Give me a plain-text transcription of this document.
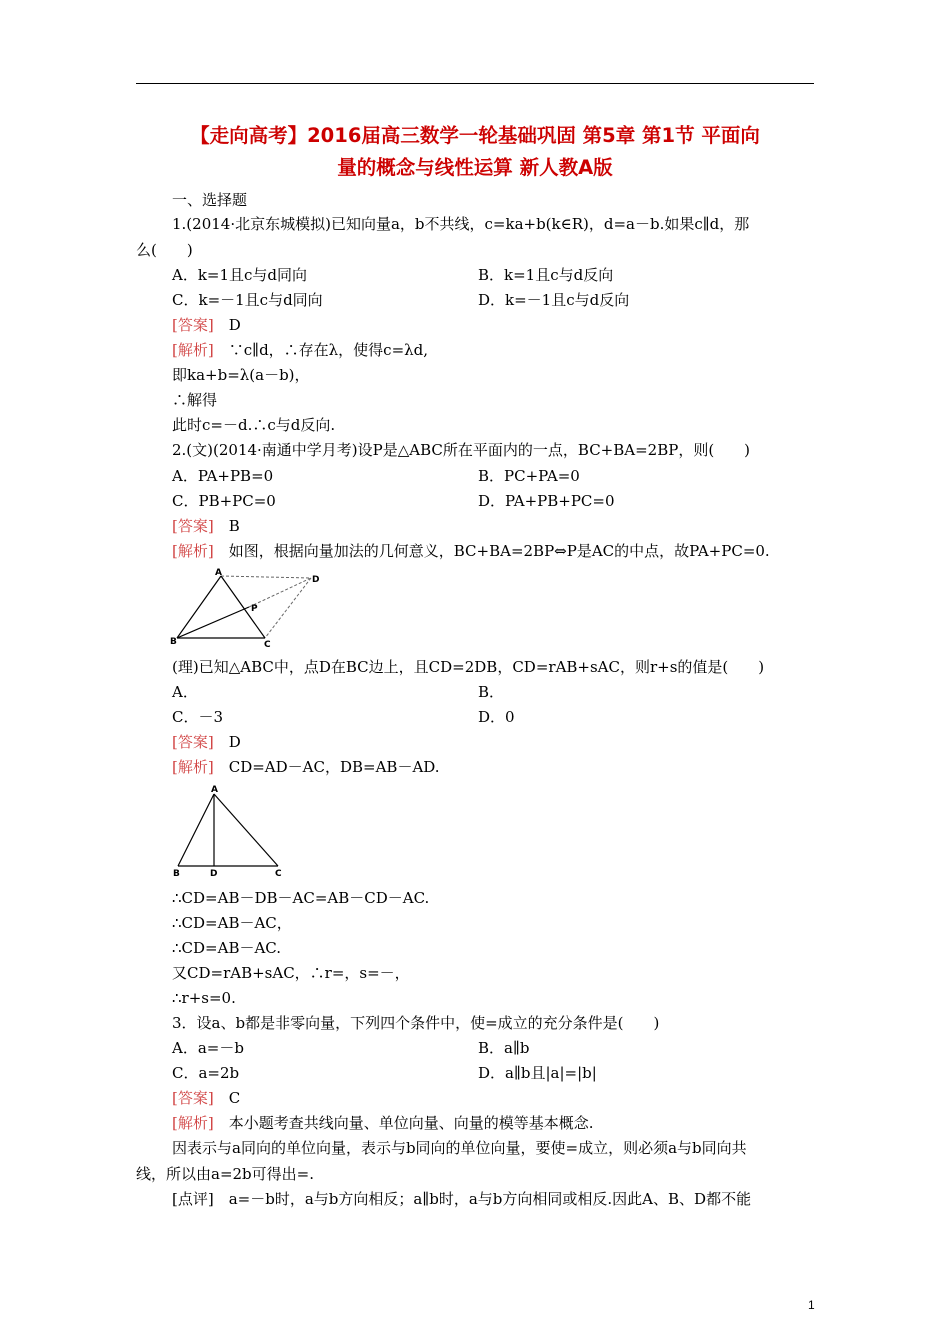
【走向高考】2016届高三数学一轮基础巩固 第5章 第1节 平面向
量的概念与线性运算 新人教A版
一、选择题
1.(2014·北京东城模拟)已知向量a，b不共线，c=ka+b(k∈R)，d=a－b.如果c∥d，那
么(　　)
A．k=1且c与d同向	B．k=1且c与d反向
C．k=－1且c与d同向	D．k=－1且c与d反向
[答案]　 D
[解析]　 ∵c∥d，∴存在λ，使得c=λd,
即ka+b=λ(a－b)，
∴解得
此时c=－d.∴c与d反向.
2.(文)(2014·南通中学月考)设P是△ABC所在平面内的一点，BC+BA=2BP，则(　　)
A．PA+PB=0	B．PC+PA=0
C．PB+PC=0	D．PA+PB+PC=0
[答案]　 B
[解析]　 如图，根据向量加法的几何意义，BC+BA=2BP⇔P是AC的中点，故PA+PC=0.
A
D
P
B	C
(理)已知△ABC中，点D在BC边上，且CD=2DB，CD=rAB+sAC，则r+s的值是(　　)
A．	B．
C．－3	D．0
[答案]　 D
[解析]　 CD=AD－AC，DB=AB－AD.
A
B	D	C
∴CD=AB－DB－AC=AB－CD－AC.
∴CD=AB－AC，
∴CD=AB－AC.
又CD=rAB+sAC，∴r=，s=－，
∴r+s=0.
3．设a、b都是非零向量，下列四个条件中，使=成立的充分条件是(　　)
A．a=－b	B．a∥b
C．a=2b	D．a∥b且|a|=|b|
[答案]　 C
[解析]　 本小题考查共线向量、单位向量、向量的模等基本概念.
因表示与a同向的单位向量，表示与b同向的单位向量，要使=成立，则必须a与b同向共
线，所以由a=2b可得出=.
[点评]　 a=－b时，a与b方向相反；a∥b时，a与b方向相同或相反.因此A、B、D都不能
1
